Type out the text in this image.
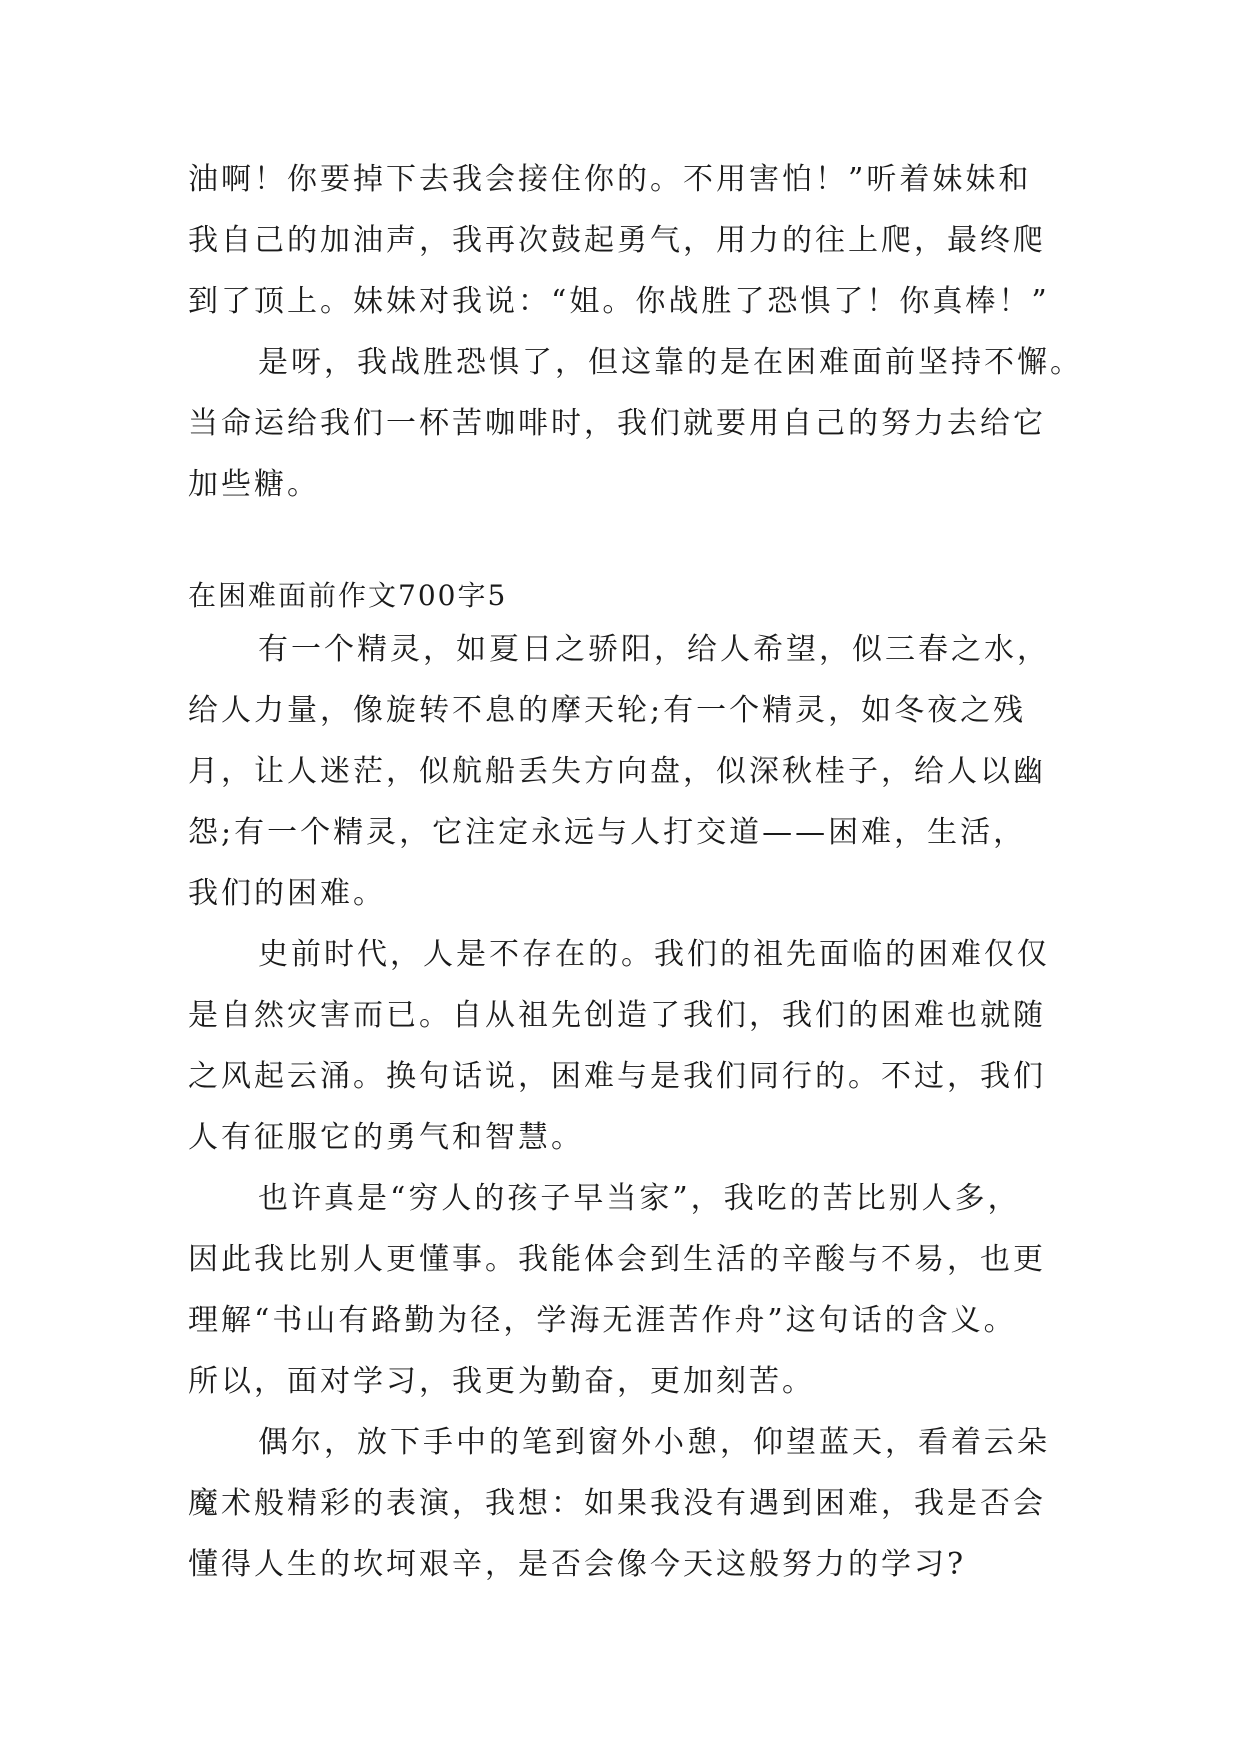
油啊！你要掉下去我会接住你的。不用害怕！”听着妹妹和
我自己的加油声，我再次鼓起勇气，用力的往上爬，最终爬
到了顶上。妹妹对我说：“姐。你战胜了恐惧了！你真棒！”
是呀，我战胜恐惧了，但这靠的是在困难面前坚持不懈。
当命运给我们一杯苦咖啡时，我们就要用自己的努力去给它
加些糖。
在困难面前作文700字5
有一个精灵，如夏日之骄阳，给人希望，似三春之水，
给人力量，像旋转不息的摩天轮;有一个精灵，如冬夜之残
月，让人迷茫，似航船丢失方向盘，似深秋桂子，给人以幽
怨;有一个精灵，它注定永远与人打交道——困难，生活，
我们的困难。
史前时代，人是不存在的。我们的祖先面临的困难仅仅
是自然灾害而已。自从祖先创造了我们，我们的困难也就随
之风起云涌。换句话说，困难与是我们同行的。不过，我们
人有征服它的勇气和智慧。
也许真是“穷人的孩子早当家”，我吃的苦比别人多，
因此我比别人更懂事。我能体会到生活的辛酸与不易，也更
理解“书山有路勤为径，学海无涯苦作舟”这句话的含义。
所以，面对学习，我更为勤奋，更加刻苦。
偶尔，放下手中的笔到窗外小憩，仰望蓝天，看着云朵
魔术般精彩的表演，我想：如果我没有遇到困难，我是否会
懂得人生的坎坷艰辛，是否会像今天这般努力的学习?
